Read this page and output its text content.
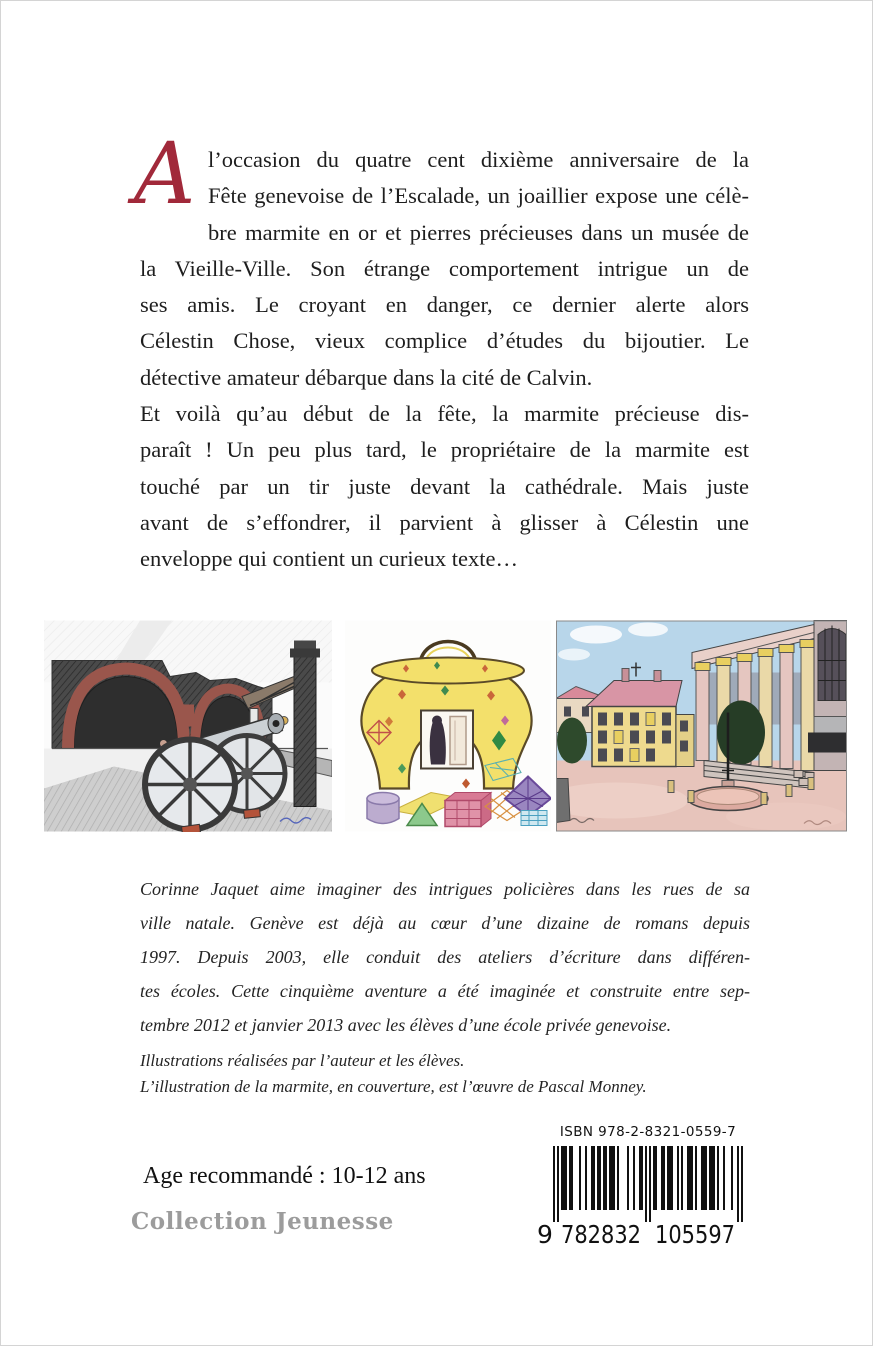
A l’occasion du quatre cent dixième anniversaire de la
Fête genevoise de l’Escalade, un joaillier expose une célè-
bre marmite en or et pierres précieuses dans un musée de
la Vieille-Ville. Son étrange comportement intrigue un de
ses amis. Le croyant en danger, ce dernier alerte alors
Célestin Chose, vieux complice d’études du bijoutier. Le
détective amateur débarque dans la cité de Calvin.
Et voilà qu’au début de la fête, la marmite précieuse dis-
paraît ! Un peu plus tard, le propriétaire de la marmite est
touché par un tir juste devant la cathédrale. Mais juste
avant de s’effondrer, il parvient à glisser à Célestin une
enveloppe qui contient un curieux texte…
Corinne Jaquet aime imaginer des intrigues policières dans les rues de sa
ville natale. Genève est déjà au cœur d’une dizaine de romans depuis
1997. Depuis 2003, elle conduit des ateliers d’écriture dans différen-
tes écoles. Cette cinquième aventure a été imaginée et construite entre sep-
tembre 2012 et janvier 2013 avec les élèves d’une école privée genevoise.
Illustrations réalisées par l’auteur et les élèves.
L’illustration de la marmite, en couverture, est l’œuvre de Pascal Monney.
ISBN 978-2-8321-0559-7
9 782832 105597
Age recommandé : 10-12 ans
Collection Jeunesse
